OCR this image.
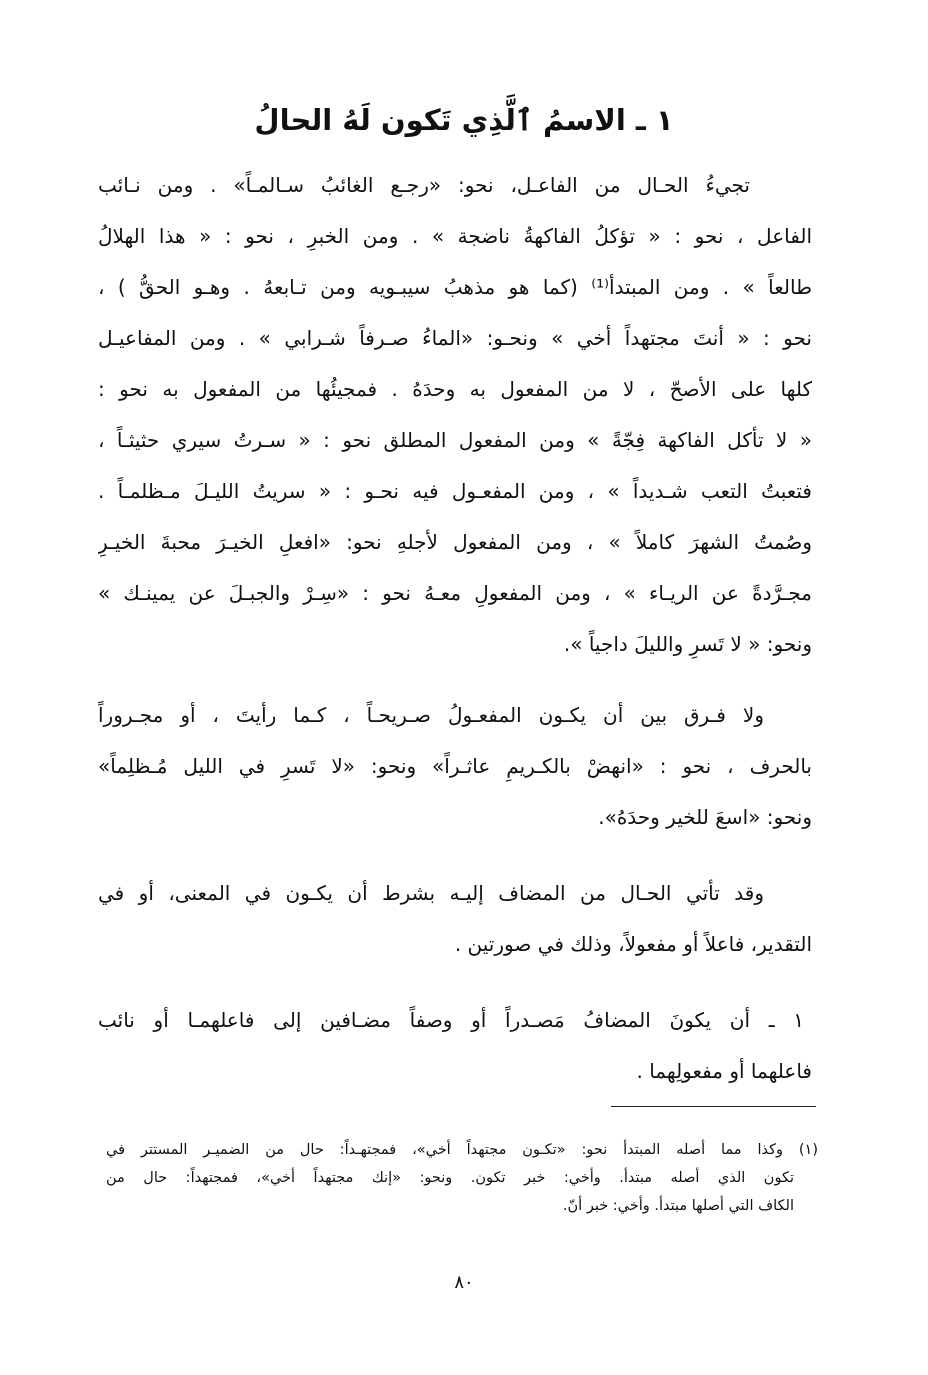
١ ـ الاسمُ ٱلَّذِي تَكون لَهُ الحالُ
تجيءُ الحـال من الفاعـل، نحو: «رجـع الغائبُ سـالمـاً» . ومن نـائب
الفاعل ، نحو : « تؤكلُ الفاكهةُ ناضجة » . ومن الخبرِ ، نحو : « هذا الهلالُ
طالعاً » . ومن المبتدأ⁽¹⁾ (كما هو مذهبُ سيبـويه ومن تـابعهُ . وهـو الحقُّ ) ،
نحو : « أنتَ مجتهداً أخي » ونحـو: «الماءُ صـرفاً شـرابي » . ومن المفاعيـل
كلها على الأصحّ ، لا من المفعول به وحدَهُ . فمجيئُها من المفعول به نحو :
« لا تأكل الفاكهة فِجّةً » ومن المفعول المطلق نحو : « سـرتُ سيري حثيثـاً ،
فتعبتُ التعب شـديداً » ، ومن المفعـول فيه نحـو : « سريتُ الليـلَ مـظلمـاً .
وصُمتُ الشهرَ كاملاً » ، ومن المفعول لأجلهِ نحو: «افعلِ الخيـرَ محبةَ الخيـرِ
مجـرَّدةً عن الريـاء » ، ومن المفعولِ معـهُ نحو : «سِـرْ والجبـلَ عن يمينـك »
ونحو: « لا تَسرِ والليلَ داجياً ».
ولا فـرق بين أن يكـون المفعـولُ صـريحـاً ، كـما رأيتَ ، أو مجـروراً
بالحرف ، نحو : «انهضْ بالكـريمِ عاثـراً» ونحو: «لا تَسرِ في الليل مُـظلِماً»
ونحو: «اسعَ للخير وحدَهُ».
وقد تأتي الحـال من المضاف إليـه بشرط أن يكـون في المعنى، أو في
التقدير، فاعلاً أو مفعولاً، وذلك في صورتين .
١ ـ أن يكونَ المضافُ مَصـدراً أو وصفاً مضـافين إلى فاعلهمـا أو نائب
فاعلهما أو مفعولِهما .
(١) وكذا مما أصله المبتدأ نحو: «تكـون مجتهداً أخي»، فمجتهـداً: حال من الضميـر المستتر في
تكون الذي أصله مبتدأ. وأخي: خبر تكون. ونحو: «إنك مجتهداً أخي»، فمجتهداً: حال من
الكاف التي أصلها مبتدأ. وأخي: خبر أنّ.
٨٠
